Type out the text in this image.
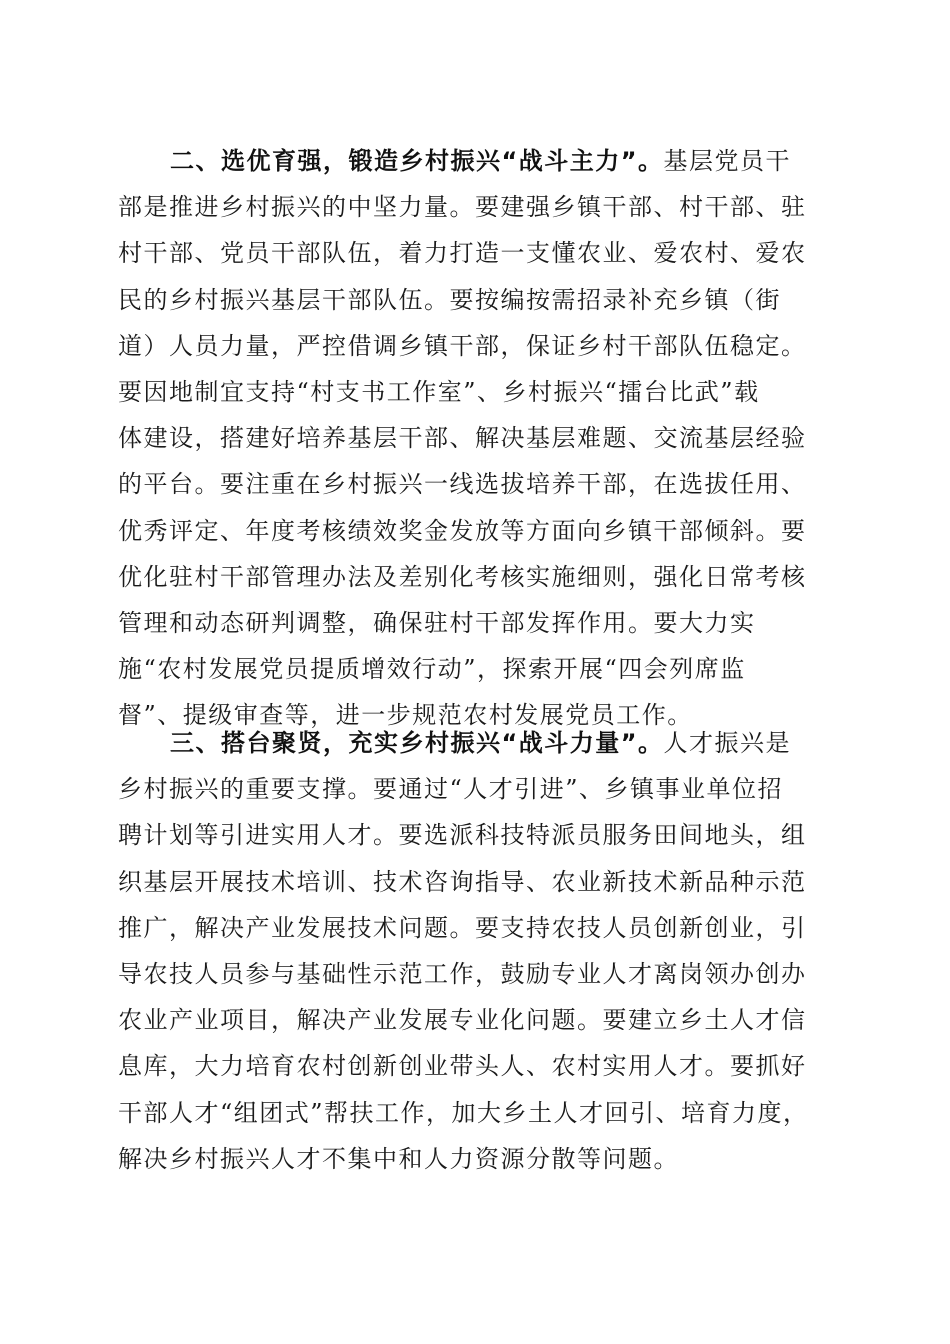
二、选优育强，锻造乡村振兴“战斗主力”。基层党员干
部是推进乡村振兴的中坚力量。要建强乡镇干部、村干部、驻
村干部、党员干部队伍，着力打造一支懂农业、爱农村、爱农
民的乡村振兴基层干部队伍。要按编按需招录补充乡镇（街
道）人员力量，严控借调乡镇干部，保证乡村干部队伍稳定。
要因地制宜支持“村支书工作室”、乡村振兴“擂台比武”载
体建设，搭建好培养基层干部、解决基层难题、交流基层经验
的平台。要注重在乡村振兴一线选拔培养干部，在选拔任用、
优秀评定、年度考核绩效奖金发放等方面向乡镇干部倾斜。要
优化驻村干部管理办法及差别化考核实施细则，强化日常考核
管理和动态研判调整，确保驻村干部发挥作用。要大力实
施“农村发展党员提质增效行动”，探索开展“四会列席监
督”、提级审查等，进一步规范农村发展党员工作。
三、搭台聚贤，充实乡村振兴“战斗力量”。人才振兴是
乡村振兴的重要支撑。要通过“人才引进”、乡镇事业单位招
聘计划等引进实用人才。要选派科技特派员服务田间地头，组
织基层开展技术培训、技术咨询指导、农业新技术新品种示范
推广，解决产业发展技术问题。要支持农技人员创新创业，引
导农技人员参与基础性示范工作，鼓励专业人才离岗领办创办
农业产业项目，解决产业发展专业化问题。要建立乡土人才信
息库，大力培育农村创新创业带头人、农村实用人才。要抓好
干部人才“组团式”帮扶工作，加大乡土人才回引、培育力度，
解决乡村振兴人才不集中和人力资源分散等问题。
